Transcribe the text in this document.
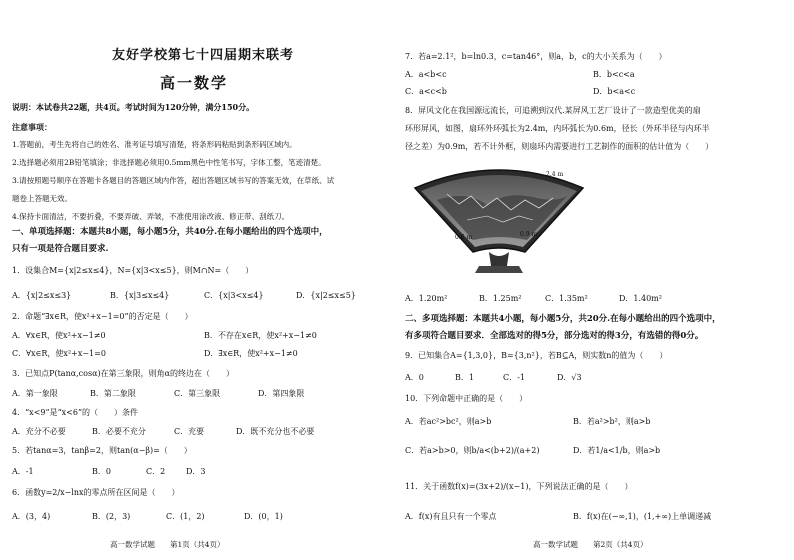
友好学校第七十四届期末联考
高一数学
说明：本试卷共22题，共4页。考试时间为120分钟，满分150分。
注意事项：
1.答题前，考生先将自己的姓名、准考证号填写清楚，将条形码粘贴到条形码区域内。
2.选择题必须用2B铅笔填涂；非选择题必须用0.5mm黑色中性笔书写，字体工整，笔迹清楚。
3.请按照题号顺序在答题卡各题目的答题区域内作答，超出答题区域书写的答案无效，在草纸、试
题卷上答题无效。
4.保持卡面清洁，不要折叠，不要弄破、弄皱，不准使用涂改液、修正带、刮纸刀。
一、单项选择题：本题共8小题，每小题5分，共40分.在每小题给出的四个选项中，
只有一项是符合题目要求.
1．设集合M={x|2≤x≤4}，N={x|3<x≤5}，则M∩N=（　　）
A．{x|2≤x≤3}	B．{x|3≤x≤4}	C．{x|3<x≤4}	D．{x|2≤x≤5}
2．命题“∃x∈R，使x²+x−1=0”的否定是（　　）
A．∀x∈R，使x²+x−1≠0	B．不存在x∈R，使x²+x−1≠0
C．∀x∈R，使x²+x−1=0	D．∃x∈R，使x²+x−1≠0
3．已知点P(tanα,cosα)在第三象限，则角α的终边在（　　）
A．第一象限	B．第二象限	C．第三象限	D．第四象限
4．“x<9”是“x<6”的（　　）条件
A．充分不必要	B．必要不充分	C．充要	D．既不充分也不必要
5．若tanα=3，tanβ=2，则tan(α−β)=（　　）
A．-1	B．0	C．2	D．3
6．函数y=2/x−lnx的零点所在区间是（　　）
A．(3，4)	B．(2，3)	C．(1，2)	D．(0，1)
高一数学试题　　第1页（共4页）
7．若a=2.1²，b=ln0.3，c=tan46°，则a，b，c的大小关系为（　　）
A．a<b<c	B．b<c<a
C．a<c<b	D．b<a<c
8．屏风文化在我国源远流长，可追溯到汉代.某屏风工艺厂设计了一款造型优美的扇
环形屏风，如图，扇环外环弧长为2.4m，内环弧长为0.6m，径长（外环半径与内环半
径之差）为0.9m，若不计外框，则扇环内需要进行工艺制作的面积的估计值为（　　）
2.4 m
0.6 m	0.9 m
A．1.20m²	B．1.25m²	C．1.35m²	D．1.40m²
二、多项选择题：本题共4小题，每小题5分，共20分.在每小题给出的四个选项中，
有多项符合题目要求．全部选对的得5分，部分选对的得3分，有选错的得0分。
9．已知集合A={1,3,0}，B={3,n²}，若B⊆A，则实数n的值为（　　）
A．0	B．1	C．-1	D．√3
10．下列命题中正确的是（　　）
A．若ac²>bc²，则a>b	B．若a²>b²，则a>b
C．若a>b>0，则b/a<(b+2)/(a+2)	D．若1/a<1/b，则a>b
11．关于函数f(x)=(3x+2)/(x−1)，下列说法正确的是（　　）
A．f(x)有且只有一个零点	B．f(x)在(−∞,1)，(1,+∞)上单调递减
高一数学试题　　第2页（共4页）
